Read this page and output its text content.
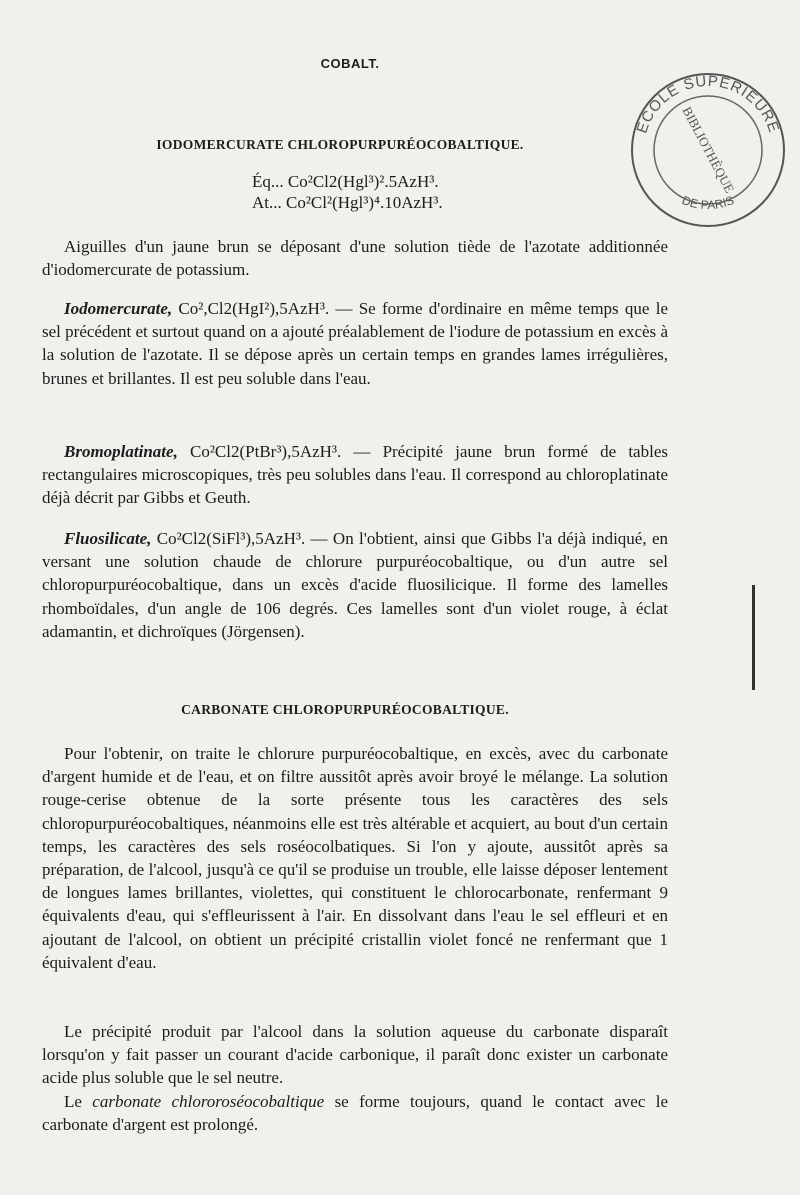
COBALT.
ÉCOLE SUPÉRIEURE
BIBLIOTHÈQUE
DE PARIS
IODOMERCURATE CHLOROPURPURÉOCOBALTIQUE.
Éq... Co²Cl2(Hgl³)².5AzH³.
At... Co²Cl²(Hgl³)⁴.10AzH³.

Aiguilles d'un jaune brun se déposant d'une solution tiède de l'azotate additionnée d'iodomercurate de potassium.

Iodomercurate, Co²,Cl2(HgI²),5AzH³. — Se forme d'ordinaire en même temps que le sel précédent et surtout quand on a ajouté préalablement de l'iodure de potassium en excès à la solution de l'azotate. Il se dépose après un certain temps en grandes lames irrégulières, brunes et brillantes. Il est peu soluble dans l'eau.

Bromoplatinate, Co²Cl2(PtBr³),5AzH³. — Précipité jaune brun formé de tables rectangulaires microscopiques, très peu solubles dans l'eau. Il correspond au chloroplatinate déjà décrit par Gibbs et Geuth.

Fluosilicate, Co²Cl2(SiFl³),5AzH³. — On l'obtient, ainsi que Gibbs l'a déjà indiqué, en versant une solution chaude de chlorure purpuréocobaltique, ou d'un autre sel chloropurpuréocobaltique, dans un excès d'acide fluosilicique. Il forme des lamelles rhomboïdales, d'un angle de 106 degrés. Ces lamelles sont d'un violet rouge, à éclat adamantin, et dichroïques (Jörgensen).

CARBONATE CHLOROPURPURÉOCOBALTIQUE.

Pour l'obtenir, on traite le chlorure purpuréocobaltique, en excès, avec du carbonate d'argent humide et de l'eau, et on filtre aussitôt après avoir broyé le mélange. La solution rouge-cerise obtenue de la sorte présente tous les caractères des sels chloropurpuréocobaltiques, néanmoins elle est très altérable et acquiert, au bout d'un certain temps, les caractères des sels roséocolbatiques. Si l'on y ajoute, aussitôt après sa préparation, de l'alcool, jusqu'à ce qu'il se produise un trouble, elle laisse déposer lentement de longues lames brillantes, violettes, qui constituent le chlorocarbonate, renfermant 9 équivalents d'eau, qui s'effleurissent à l'air. En dissolvant dans l'eau le sel effleuri et en ajoutant de l'alcool, on obtient un précipité cristallin violet foncé ne renfermant que 1 équivalent d'eau.

Le précipité produit par l'alcool dans la solution aqueuse du carbonate disparaît lorsqu'on y fait passer un courant d'acide carbonique, il paraît donc exister un carbonate acide plus soluble que le sel neutre.

Le carbonate chlororoséocobaltique se forme toujours, quand le contact avec le carbonate d'argent est prolongé.
